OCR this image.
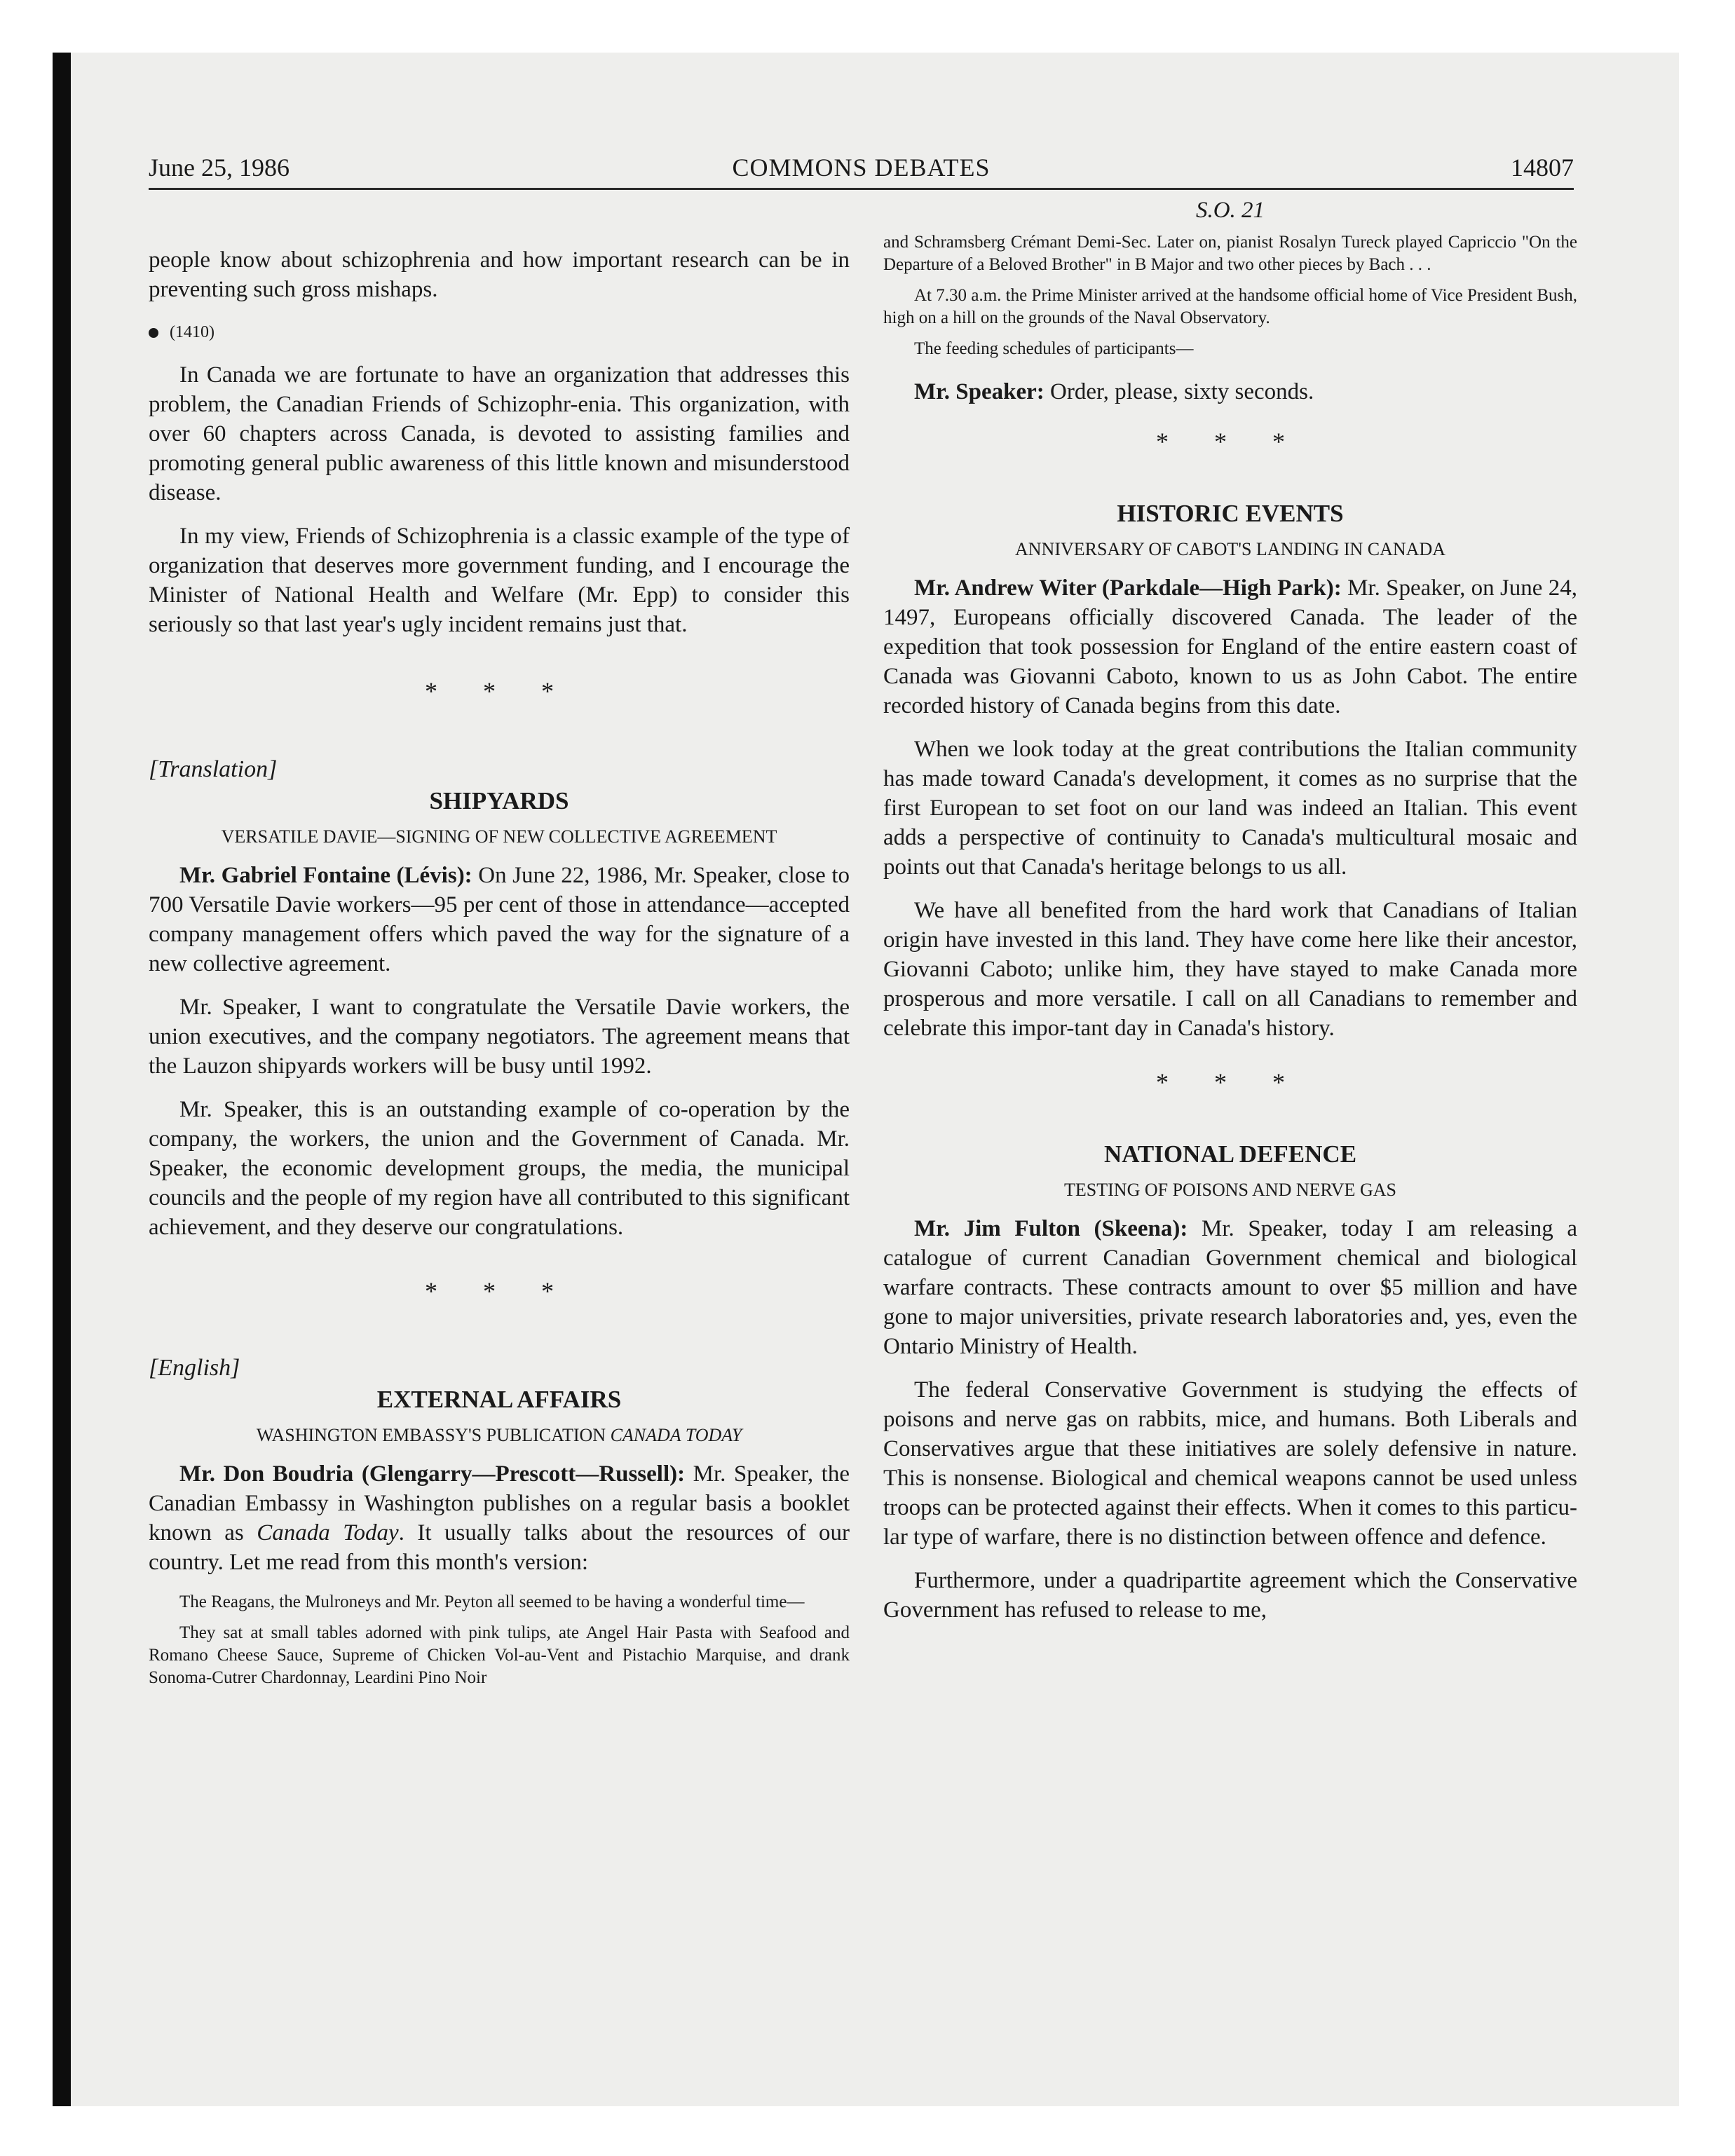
June 25, 1986	COMMONS DEBATES	14807

people know about schizophrenia and how important research can be in preventing such gross mishaps.

(1410)

In Canada we are fortunate to have an organization that addresses this problem, the Canadian Friends of Schizophr-enia. This organization, with over 60 chapters across Canada, is devoted to assisting families and promoting general public awareness of this little known and misunderstood disease.

In my view, Friends of Schizophrenia is a classic example of the type of organization that deserves more government funding, and I encourage the Minister of National Health and Welfare (Mr. Epp) to consider this seriously so that last year's ugly incident remains just that.

* * *
[Translation]
SHIPYARDS
VERSATILE DAVIE—SIGNING OF NEW COLLECTIVE AGREEMENT

Mr. Gabriel Fontaine (Lévis): On June 22, 1986, Mr. Speaker, close to 700 Versatile Davie workers—95 per cent of those in attendance—accepted company management offers which paved the way for the signature of a new collective agreement.

Mr. Speaker, I want to congratulate the Versatile Davie workers, the union executives, and the company negotiators. The agreement means that the Lauzon shipyards workers will be busy until 1992.

Mr. Speaker, this is an outstanding example of co-operation by the company, the workers, the union and the Government of Canada. Mr. Speaker, the economic development groups, the media, the municipal councils and the people of my region have all contributed to this significant achievement, and they deserve our congratulations.

* * *
[English]
EXTERNAL AFFAIRS
WASHINGTON EMBASSY'S PUBLICATION CANADA TODAY

Mr. Don Boudria (Glengarry—Prescott—Russell): Mr. Speaker, the Canadian Embassy in Washington publishes on a regular basis a booklet known as Canada Today. It usually talks about the resources of our country. Let me read from this month's version:

The Reagans, the Mulroneys and Mr. Peyton all seemed to be having a wonderful time—

They sat at small tables adorned with pink tulips, ate Angel Hair Pasta with Seafood and Romano Cheese Sauce, Supreme of Chicken Vol-au-Vent and Pistachio Marquise, and drank Sonoma-Cutrer Chardonnay, Leardini Pino Noir

S.O. 21

and Schramsberg Crémant Demi-Sec. Later on, pianist Rosalyn Tureck played Capriccio "On the Departure of a Beloved Brother" in B Major and two other pieces by Bach . . .

At 7.30 a.m. the Prime Minister arrived at the handsome official home of Vice President Bush, high on a hill on the grounds of the Naval Observatory.

The feeding schedules of participants—

Mr. Speaker: Order, please, sixty seconds.

* * *
HISTORIC EVENTS
ANNIVERSARY OF CABOT'S LANDING IN CANADA

Mr. Andrew Witer (Parkdale—High Park): Mr. Speaker, on June 24, 1497, Europeans officially discovered Canada. The leader of the expedition that took possession for England of the entire eastern coast of Canada was Giovanni Caboto, known to us as John Cabot. The entire recorded history of Canada begins from this date.

When we look today at the great contributions the Italian community has made toward Canada's development, it comes as no surprise that the first European to set foot on our land was indeed an Italian. This event adds a perspective of continuity to Canada's multicultural mosaic and points out that Canada's heritage belongs to us all.

We have all benefited from the hard work that Canadians of Italian origin have invested in this land. They have come here like their ancestor, Giovanni Caboto; unlike him, they have stayed to make Canada more prosperous and more versatile. I call on all Canadians to remember and celebrate this impor-tant day in Canada's history.

* * *
NATIONAL DEFENCE
TESTING OF POISONS AND NERVE GAS

Mr. Jim Fulton (Skeena): Mr. Speaker, today I am releasing a catalogue of current Canadian Government chemical and biological warfare contracts. These contracts amount to over $5 million and have gone to major universities, private research laboratories and, yes, even the Ontario Ministry of Health.

The federal Conservative Government is studying the effects of poisons and nerve gas on rabbits, mice, and humans. Both Liberals and Conservatives argue that these initiatives are solely defensive in nature. This is nonsense. Biological and chemical weapons cannot be used unless troops can be protected against their effects. When it comes to this particu-lar type of warfare, there is no distinction between offence and defence.

Furthermore, under a quadripartite agreement which the Conservative Government has refused to release to me,
